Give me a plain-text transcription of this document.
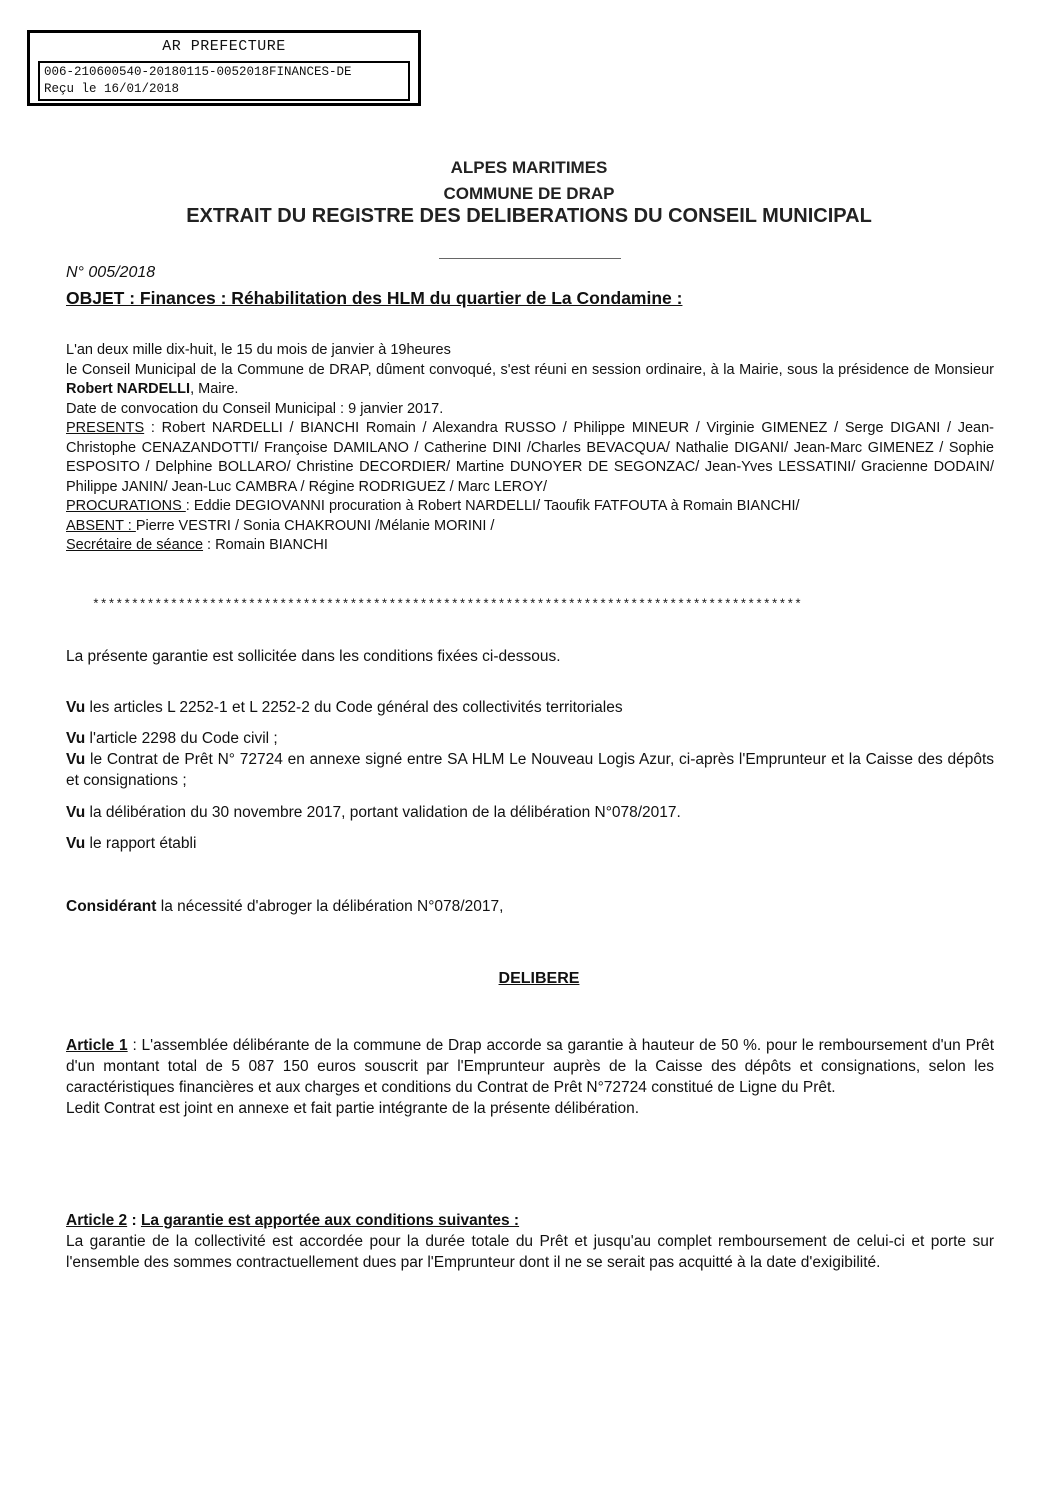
AR PREFECTURE
006-210600540-20180115-0052018FINANCES-DE
Reçu le 16/01/2018
ALPES MARITIMES
COMMUNE DE DRAP
EXTRAIT DU REGISTRE DES DELIBERATIONS DU CONSEIL MUNICIPAL
N° 005/2018
OBJET : Finances : Réhabilitation des HLM du quartier de La Condamine :

L'an deux mille dix-huit, le 15 du mois de janvier à 19heures

le Conseil Municipal de la Commune de DRAP, dûment convoqué, s'est réuni en session ordinaire, à la Mairie, sous la présidence de Monsieur Robert NARDELLI, Maire.

Date de convocation du Conseil Municipal : 9 janvier 2017.

PRESENTS : Robert NARDELLI / BIANCHI Romain / Alexandra RUSSO / Philippe MINEUR / Virginie GIMENEZ / Serge DIGANI / Jean-Christophe CENAZANDOTTI/ Françoise DAMILANO / Catherine DINI /Charles BEVACQUA/ Nathalie DIGANI/ Jean-Marc GIMENEZ / Sophie ESPOSITO / Delphine BOLLARO/ Christine DECORDIER/ Martine DUNOYER DE SEGONZAC/ Jean-Yves LESSATINI/ Gracienne DODAIN/ Philippe JANIN/ Jean-Luc CAMBRA / Régine RODRIGUEZ / Marc LEROY/

PROCURATIONS : Eddie DEGIOVANNI procuration à Robert NARDELLI/ Taoufik FATFOUTA à Romain BIANCHI/

ABSENT : Pierre VESTRI / Sonia CHAKROUNI /Mélanie MORINI /

Secrétaire de séance : Romain BIANCHI

*******************************************************************************************

La présente garantie est sollicitée dans les conditions fixées ci-dessous.

Vu les articles L 2252-1 et L 2252-2 du Code général des collectivités territoriales

Vu l'article 2298 du Code civil ;

Vu le Contrat de Prêt N° 72724 en annexe signé entre SA HLM Le Nouveau Logis Azur, ci-après l'Emprunteur et la Caisse des dépôts et consignations ;

Vu la délibération du 30 novembre 2017, portant validation de la délibération N°078/2017.

Vu le rapport établi

Considérant la nécessité d'abroger la délibération N°078/2017,

DELIBERE

Article 1 : L'assemblée délibérante de la commune de Drap accorde sa garantie à hauteur de 50 %. pour le remboursement d'un Prêt d'un montant total de 5 087 150 euros souscrit par l'Emprunteur auprès de la Caisse des dépôts et consignations, selon les caractéristiques financières et aux charges et conditions du Contrat de Prêt N°72724 constitué de Ligne du Prêt.

Ledit Contrat est joint en annexe et fait partie intégrante de la présente délibération.

Article 2 : La garantie est apportée aux conditions suivantes :

La garantie de la collectivité est accordée pour la durée totale du Prêt et jusqu'au complet remboursement de celui-ci et porte sur l'ensemble des sommes contractuellement dues par l'Emprunteur dont il ne se serait pas acquitté à la date d'exigibilité.
